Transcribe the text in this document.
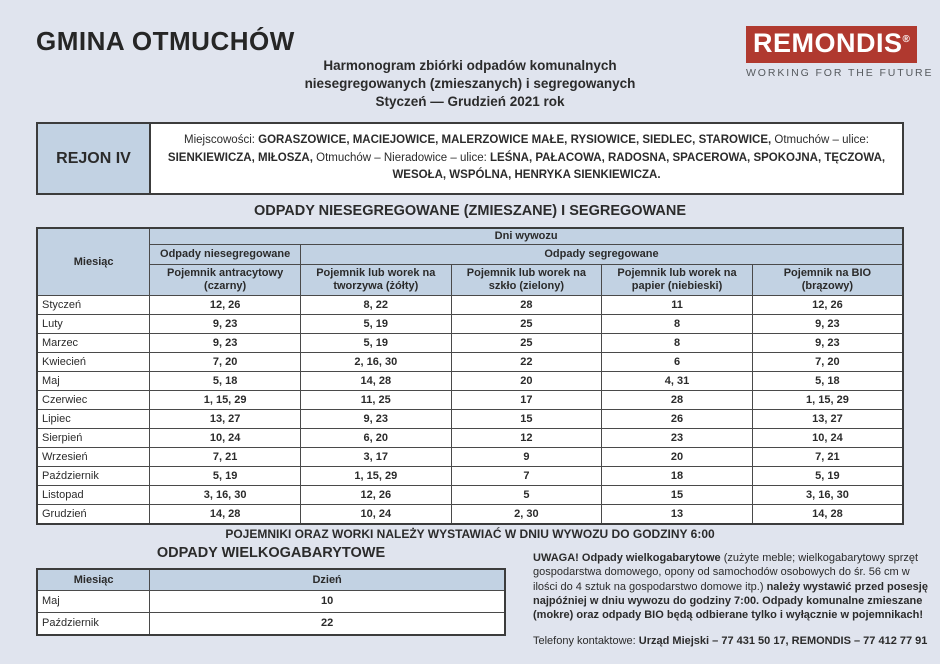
GMINA OTMUCHÓW
Harmonogram zbiórki odpadów komunalnych
niesegregowanych (zmieszanych) i segregowanych
Styczeń — Grudzień 2021 rok
REMONDIS®
WORKING FOR THE FUTURE
REJON IV
Miejscowości: GORASZOWICE, MACIEJOWICE, MALERZOWICE MAŁE, RYSIOWICE, SIEDLEC, STAROWICE, Otmuchów – ulice: SIENKIEWICZA, MIŁOSZA, Otmuchów – Nieradowice – ulice: LEŚNA, PAŁACOWA, RADOSNA, SPACEROWA, SPOKOJNA, TĘCZOWA, WESOŁA, WSPÓLNA, HENRYKA SIENKIEWICZA.
ODPADY NIESEGREGOWANE (ZMIESZANE) I SEGREGOWANE
Miesiąc	Dni wywozu				
	Odpady niesegregowane	Odpady segregowane			
	Pojemnik antracytowy (czarny)	Pojemnik lub worek na tworzywa (żółty)	Pojemnik lub worek na szkło (zielony)	Pojemnik lub worek na papier (niebieski)	Pojemnik na BIO (brązowy)
Styczeń	12, 26	8, 22	28	11	12, 26
Luty	9, 23	5, 19	25	8	9, 23
Marzec	9, 23	5, 19	25	8	9, 23
Kwiecień	7, 20	2, 16, 30	22	6	7, 20
Maj	5, 18	14, 28	20	4, 31	5, 18
Czerwiec	1, 15, 29	11, 25	17	28	1, 15, 29
Lipiec	13, 27	9, 23	15	26	13, 27
Sierpień	10, 24	6, 20	12	23	10, 24
Wrzesień	7, 21	3, 17	9	20	7, 21
Październik	5, 19	1, 15, 29	7	18	5, 19
Listopad	3, 16, 30	12, 26	5	15	3, 16, 30
Grudzień	14, 28	10, 24	2, 30	13	14, 28
POJEMNIKI ORAZ WORKI NALEŻY WYSTAWIAĆ W DNIU WYWOZU DO GODZINY 6:00
ODPADY WIELKOGABARYTOWE
Miesiąc	Dzień
Maj	10
Październik	22
UWAGA! Odpady wielkogabarytowe (zużyte meble; wielkogabarytowy sprzęt gospodarstwa domowego, opony od samochodów osobowych do śr. 56 cm w ilości do 4 sztuk na gospodarstwo domowe itp.) należy wystawić przed posesję najpóźniej w dniu wywozu do godziny 7:00. Odpady komunalne zmieszane (mokre) oraz odpady BIO będą odbierane tylko i wyłącznie w pojemnikach!
Telefony kontaktowe: Urząd Miejski – 77 431 50 17, REMONDIS – 77 412 77 91
